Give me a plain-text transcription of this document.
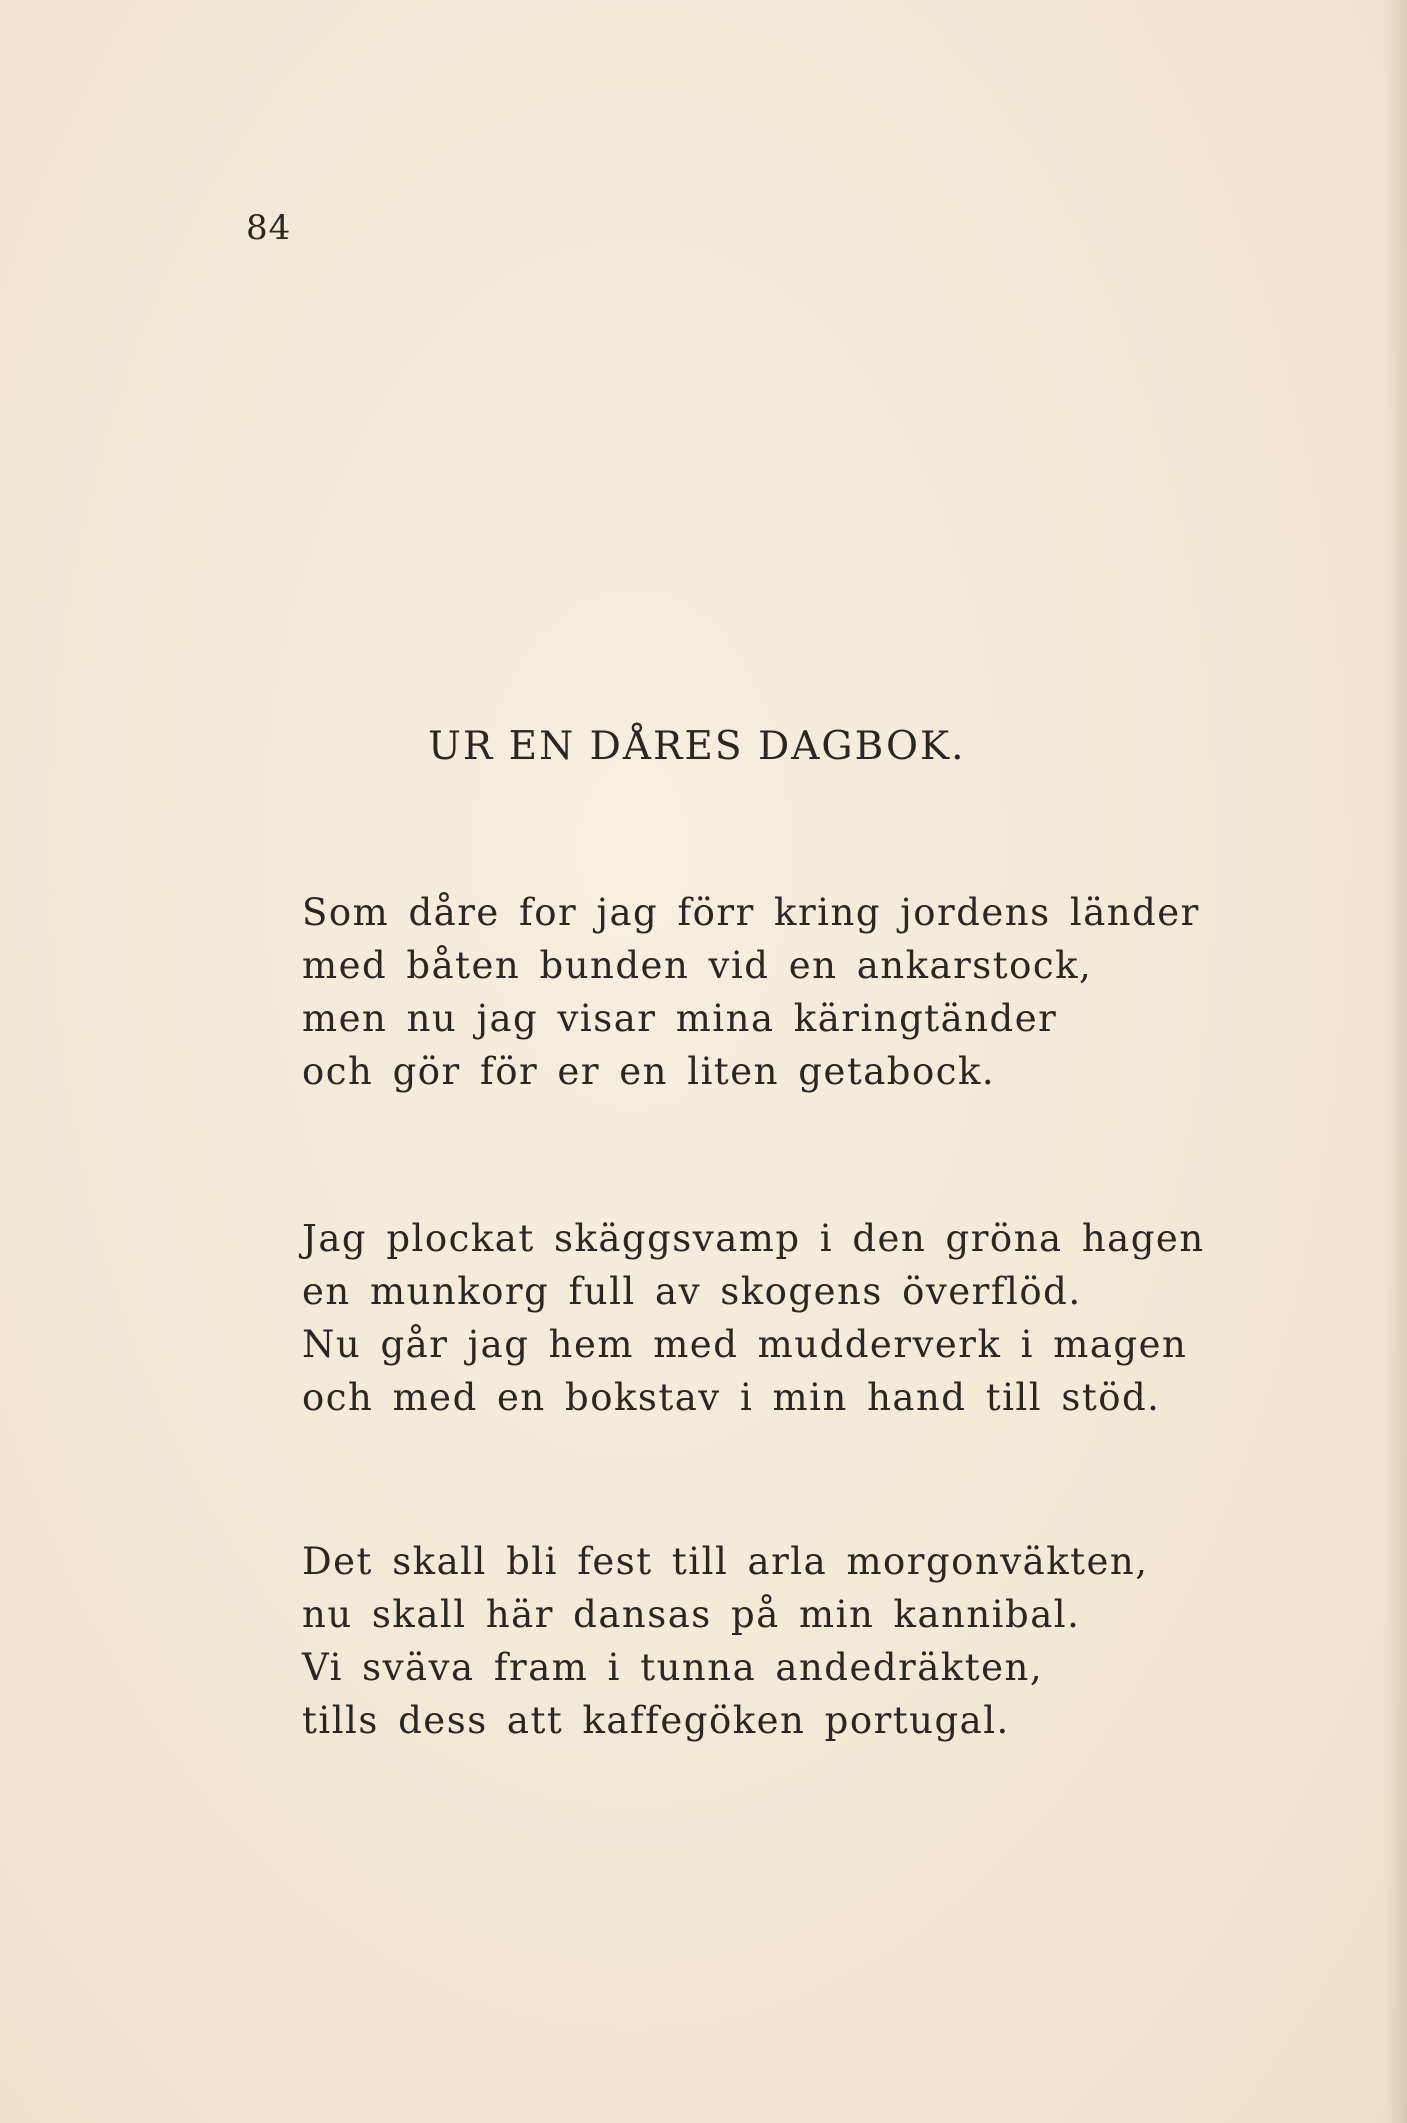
84
UR EN DÅRES DAGBOK.
Som dåre for jag förr kring jordens länder
med båten bunden vid en ankarstock,
men nu jag visar mina käringtänder
och gör för er en liten getabock.
Jag plockat skäggsvamp i den gröna hagen
en munkorg full av skogens överflöd.
Nu går jag hem med mudderverk i magen
och med en bokstav i min hand till stöd.
Det skall bli fest till arla morgonväkten,
nu skall här dansas på min kannibal.
Vi sväva fram i tunna andedräkten,
tills dess att kaffegöken portugal.
